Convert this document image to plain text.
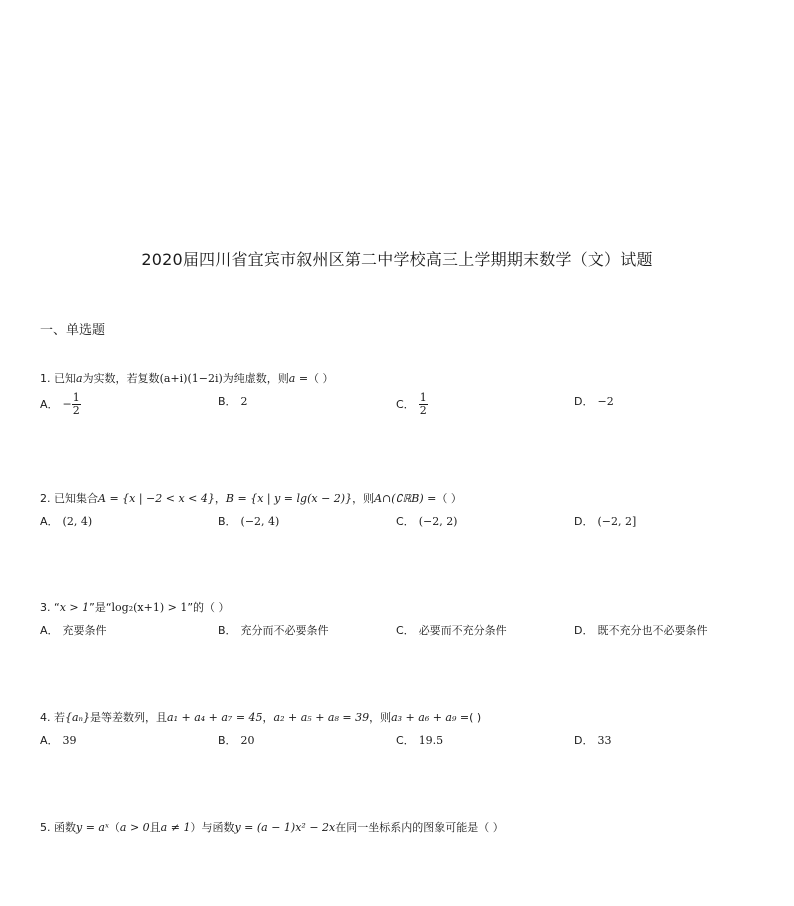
2020届四川省宜宾市叙州区第二中学校高三上学期期末数学（文）试题
一、单选题
1. 已知a为实数，若复数(a+i)(1−2i)为纯虚数，则a =（ ）
A． − $\frac{1}{2}$	B． 2	C． $\frac{1}{2}$	D． −2
2. 已知集合A = {x | −2 < x < 4}，B = {x | y = lg(x − 2)}，则A∩(∁ℝB) =（ ）
A． (2, 4)	B． (−2, 4)	C． (−2, 2)	D． (−2, 2]
3. “x > 1”是“log₂(x+1) > 1”的（ ）
A． 充要条件	B． 充分而不必要条件	C． 必要而不充分条件	D． 既不充分也不必要条件
4. 若{aₙ}是等差数列，且a₁ + a₄ + a₇ = 45，a₂ + a₅ + a₈ = 39，则a₃ + a₆ + a₉ =( )
A． 39	B． 20	C． 19.5	D． 33
5. 函数y = aˣ（a > 0且a ≠ 1）与函数y = (a − 1)x² − 2x在同一坐标系内的图象可能是（ ）
